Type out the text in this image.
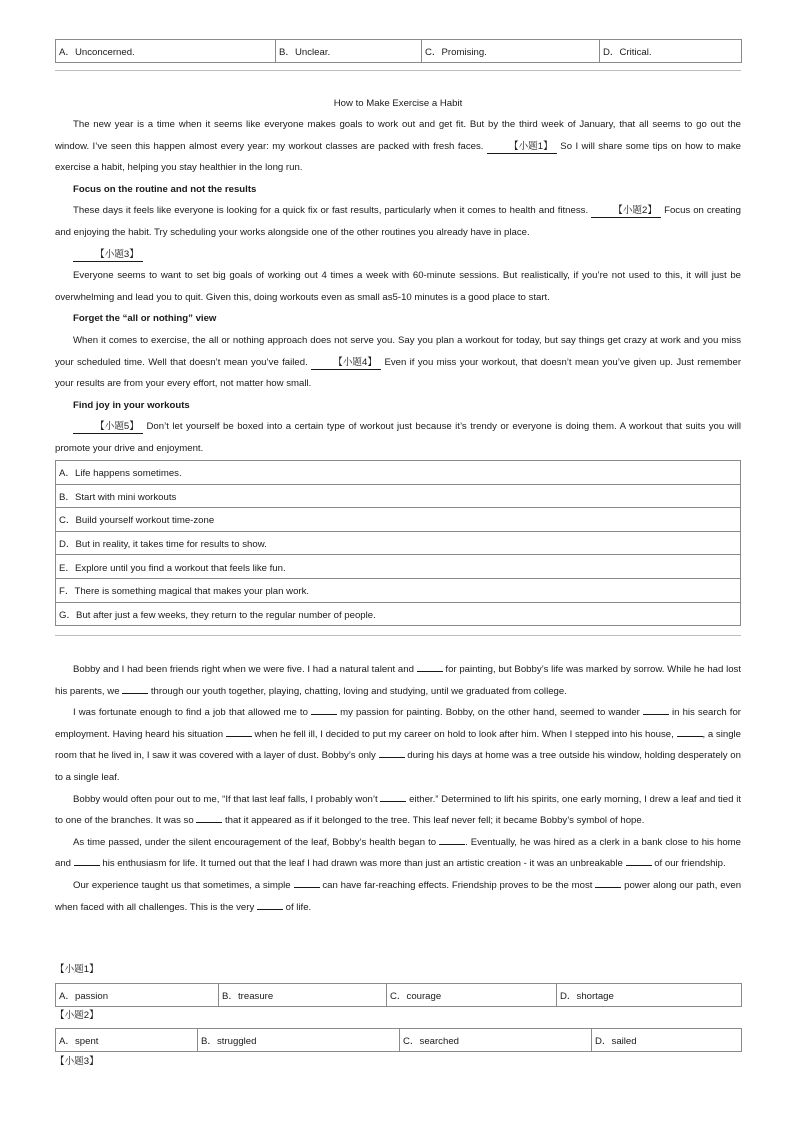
A．Unconcerned.	B．Unclear.	C．Promising.	D．Critical.
How to Make Exercise a Habit
The new year is a time when it seems like everyone makes goals to work out and get fit. But by the third week of January, that all seems to go out the window. I’ve seen this happen almost every year: my workout classes are packed with fresh faces.	【小题1】 So I will share some tips on how to make exercise a habit, helping you stay healthier in the long run.
Focus on the routine and not the results
These days it feels like everyone is looking for a quick fix or fast results, particularly when it comes to health and fitness.	【小题2】 Focus on creating and enjoying the habit. Try scheduling your works alongside one of the other routines you already have in place.
【小题3】
Everyone seems to want to set big goals of working out 4 times a week with 60-minute sessions. But realistically, if you’re not used to this, it will just be overwhelming and lead you to quit. Given this, doing workouts even as small as5-10 minutes is a good place to start.
Forget the “all or nothing” view
When it comes to exercise, the all or nothing approach does not serve you. Say you plan a workout for today, but say things get crazy at work and you miss your scheduled time. Well that doesn’t mean you’ve failed.	【小题4】 Even if you miss your workout, that doesn’t mean you’ve given up. Just remember your results are from your every effort, not matter how small.
Find joy in your workouts
【小题5】 Don’t let yourself be boxed into a certain type of workout just because it’s trendy or everyone is doing them. A workout that suits you will promote your drive and enjoyment.
A．Life happens sometimes.
B．Start with mini workouts
C．Build yourself workout time-zone
D．But in reality, it takes time for results to show.
E．Explore until you find a workout that feels like fun.
F．There is something magical that makes your plan work.
G．But after just a few weeks, they return to the regular number of people.
Bobby and I had been friends right when we were five. I had a natural talent and	for painting, but Bobby’s life was marked by sorrow. While he had lost his parents, we	through our youth together, playing, chatting, loving and studying, until we graduated from college.
I was fortunate enough to find a job that allowed me to	my passion for painting. Bobby, on the other hand, seemed to wander	in his search for employment. Having heard his situation	when he fell ill, I decided to put my career on hold to look after him. When I stepped into his house,	, a single room that he lived in, I saw it was covered with a layer of dust. Bobby’s only	during his days at home was a tree outside his window, holding desperately on to a single leaf.
Bobby would often pour out to me, “If that last leaf falls, I probably won’t	either.” Determined to lift his spirits, one early morning, I drew a leaf and tied it to one of the branches. It was so	that it appeared as if it belonged to the tree. This leaf never fell; it became Bobby’s symbol of hope.
As time passed, under the silent encouragement of the leaf, Bobby’s health began to	. Eventually, he was hired as a clerk in a bank close to his home and	his enthusiasm for life. It turned out that the leaf I had drawn was more than just an artistic creation - it was an unbreakable	of our friendship.
Our experience taught us that sometimes, a simple	can have far-reaching effects. Friendship proves to be the most	power along our path, even when faced with all challenges. This is the very	of life.
【小题1】
A．passion	B．treasure	C．courage	D．shortage
【小题2】
A．spent	B．struggled	C．searched	D．sailed
【小题3】
